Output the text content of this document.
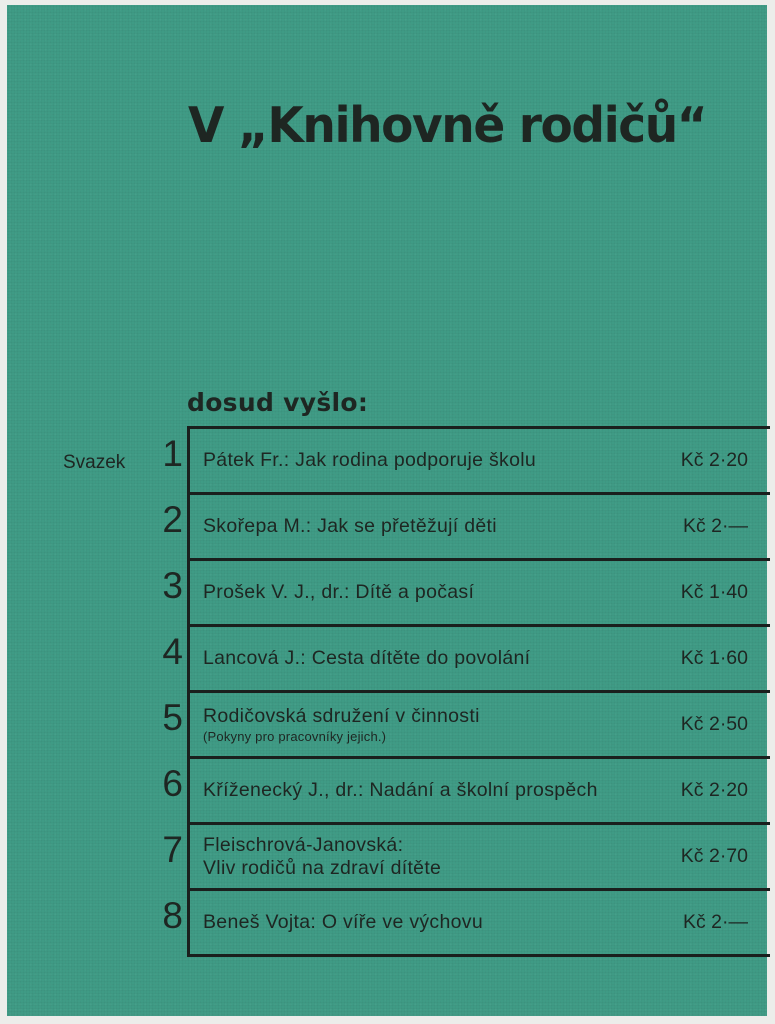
V „Knihovně rodičů“
dosud vyšlo:
Svazek	1 Pátek Fr.: Jak rodina podporuje školu	Kč 2·20
2 Skořepa M.: Jak se přetěžují děti	Kč 2·—
3 Prošek V. J., dr.: Dítě a počasí	Kč 1·40
4 Lancová J.: Cesta dítěte do povolání	Kč 1·60
5 Rodičovská sdružení v činnosti
(Pokyny pro pracovníky jejich.)
Kč 2·50
6 Kříženecký J., dr.: Nadání a školní prospěch	Kč 2·20
7 Fleischrová-Janovská:
Vliv rodičů na zdraví dítěte
Kč 2·70
8 Beneš Vojta: O víře ve výchovu	Kč 2·—
